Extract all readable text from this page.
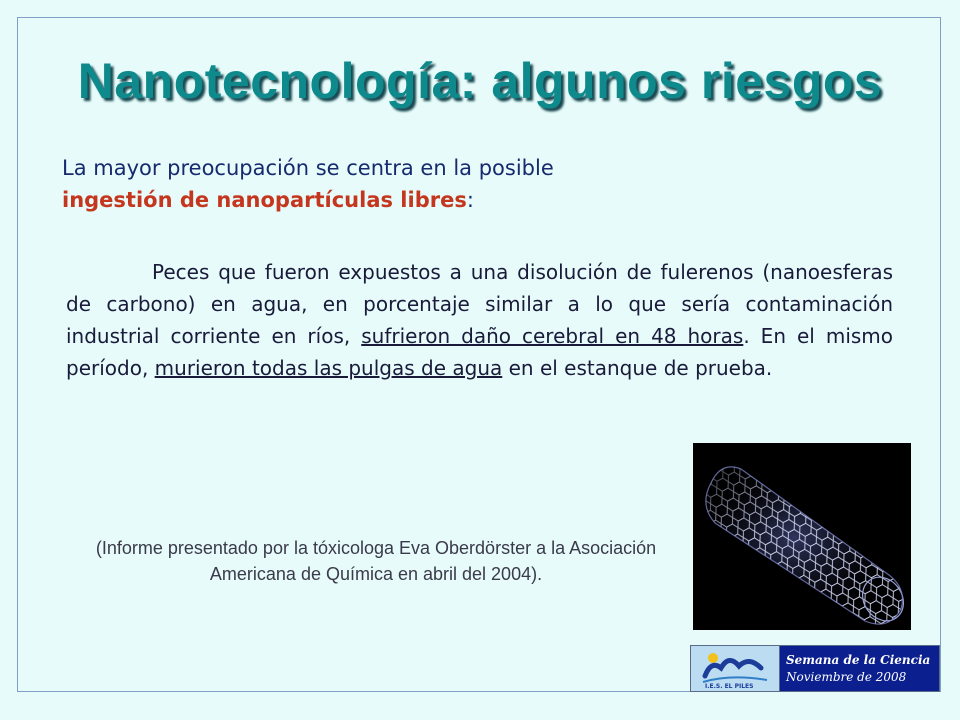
Nanotecnología: algunos riesgos

La mayor preocupación se centra en la posible
ingestión de nanopartículas libres:

Peces que fueron expuestos a una disolución de fulerenos (nanoesferas de carbono) en agua, en porcentaje similar a lo que sería contaminación industrial corriente en ríos, sufrieron daño cerebral en 48 horas. En el mismo período, murieron todas las pulgas de agua en el estanque de prueba.

(Informe presentado por la tóxicologa Eva Oberdörster a la Asociación Americana de Química en abril del 2004).

I.E.S. EL PILES
Semana de la Ciencia
Noviembre de 2008
